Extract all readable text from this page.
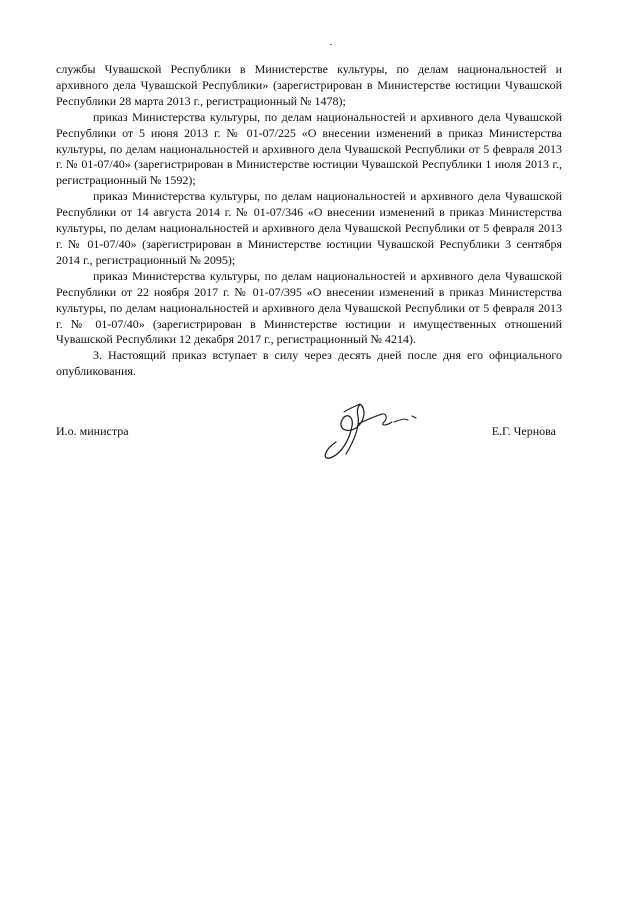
службы Чувашской Республики в Министерстве культуры, по делам национальностей и архивного дела Чувашской Республики» (зарегистрирован в Министерстве юстиции Чувашской Республики 28 марта 2013 г., регистрационный № 1478);

приказ Министерства культуры, по делам национальностей и архивного дела Чувашской Республики от 5 июня 2013 г. № 01-07/225 «О внесении изменений в приказ Министерства культуры, по делам национальностей и архивного дела Чувашской Республики от 5 февраля 2013 г. № 01-07/40» (зарегистрирован в Министерстве юстиции Чувашской Республики 1 июля 2013 г., регистрационный № 1592);

приказ Министерства культуры, по делам национальностей и архивного дела Чувашской Республики от 14 августа 2014 г. № 01-07/346 «О внесении изменений в приказ Министерства культуры, по делам национальностей и архивного дела Чувашской Республики от 5 февраля 2013 г. № 01-07/40» (зарегистрирован в Министерстве юстиции Чувашской Республики 3 сентября 2014 г., регистрационный № 2095);

приказ Министерства культуры, по делам национальностей и архивного дела Чувашской Республики от 22 ноября 2017 г. № 01-07/395 «О внесении изменений в приказ Министерства культуры, по делам национальностей и архивного дела Чувашской Республики от 5 февраля 2013 г. № 01-07/40» (зарегистрирован в Министерстве юстиции и имущественных отношений Чувашской Республики 12 декабря 2017 г., регистрационный № 4214).

3. Настоящий приказ вступает в силу через десять дней после дня его официального опубликования.

И.о. министра	Е.Г. Чернова
